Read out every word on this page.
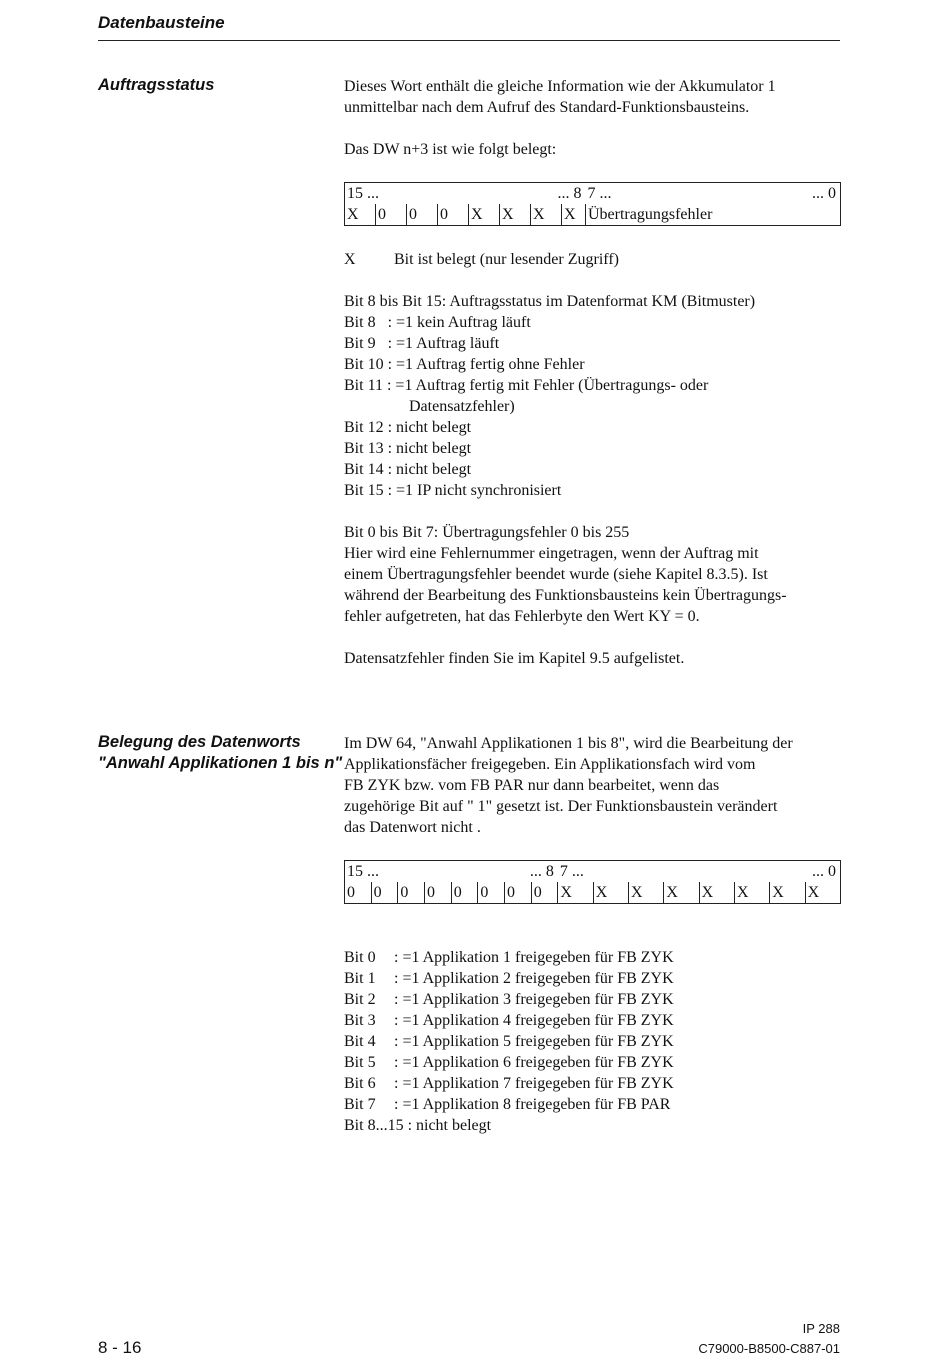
Datenbausteine
Auftragsstatus	Dieses Wort enthält die gleiche Information wie der Akkumulator 1
unmittelbar nach dem Aufruf des Standard-Funktionsbausteins.
Das DW n+3 ist wie folgt belegt:
15 ...				... 8				7 ... ... 0

X	0	0	0	X	X	X	X	Übertragungsfehler
X Bit ist belegt (nur lesender Zugriff)
Bit 8 bis Bit 15: Auftragsstatus im Datenformat KM (Bitmuster)
Bit 8   : =1 kein Auftrag läuft
Bit 9   : =1 Auftrag läuft
Bit 10 : =1 Auftrag fertig ohne Fehler
Bit 11 : =1 Auftrag fertig mit Fehler (Übertragungs- oder
Datensatzfehler)
Bit 12 : nicht belegt
Bit 13 : nicht belegt
Bit 14 : nicht belegt
Bit 15 : =1 IP nicht synchronisiert
Bit 0 bis Bit 7: Übertragungsfehler 0 bis 255
Hier wird eine Fehlernummer eingetragen, wenn der Auftrag mit
einem Übertragungsfehler beendet wurde (siehe Kapitel 8.3.5). Ist
während der Bearbeitung des Funktionsbausteins kein Übertragungs-
fehler aufgetreten, hat das Fehlerbyte den Wert KY = 0.
Datensatzfehler finden Sie im Kapitel 9.5 aufgelistet.
Belegung des Datenworts
"Anwahl Applikationen 1 bis n"
Im DW 64, "Anwahl Applikationen 1 bis 8", wird die Bearbeitung der
Applikationsfächer freigegeben. Ein Applikationsfach wird vom
FB ZYK bzw. vom FB PAR nur dann bearbeitet, wenn das
zugehörige Bit auf " 1" gesetzt ist. Der Funktionsbaustein verändert
das Datenwort nicht .
15 ...				... 8				7 ...				... 0			
0	0	0	0	0	0	0	0	X	X	X	X	X	X	X	X
Bit 0 : =1 Applikation 1 freigegeben für FB ZYK
Bit 1 : =1 Applikation 2 freigegeben für FB ZYK
Bit 2 : =1 Applikation 3 freigegeben für FB ZYK
Bit 3 : =1 Applikation 4 freigegeben für FB ZYK
Bit 4 : =1 Applikation 5 freigegeben für FB ZYK
Bit 5 : =1 Applikation 6 freigegeben für FB ZYK
Bit 6 : =1 Applikation 7 freigegeben für FB ZYK
Bit 7 : =1 Applikation 8 freigegeben für FB PAR
Bit 8...15 : nicht belegt
8 - 16
IP 288
C79000-B8500-C887-01
